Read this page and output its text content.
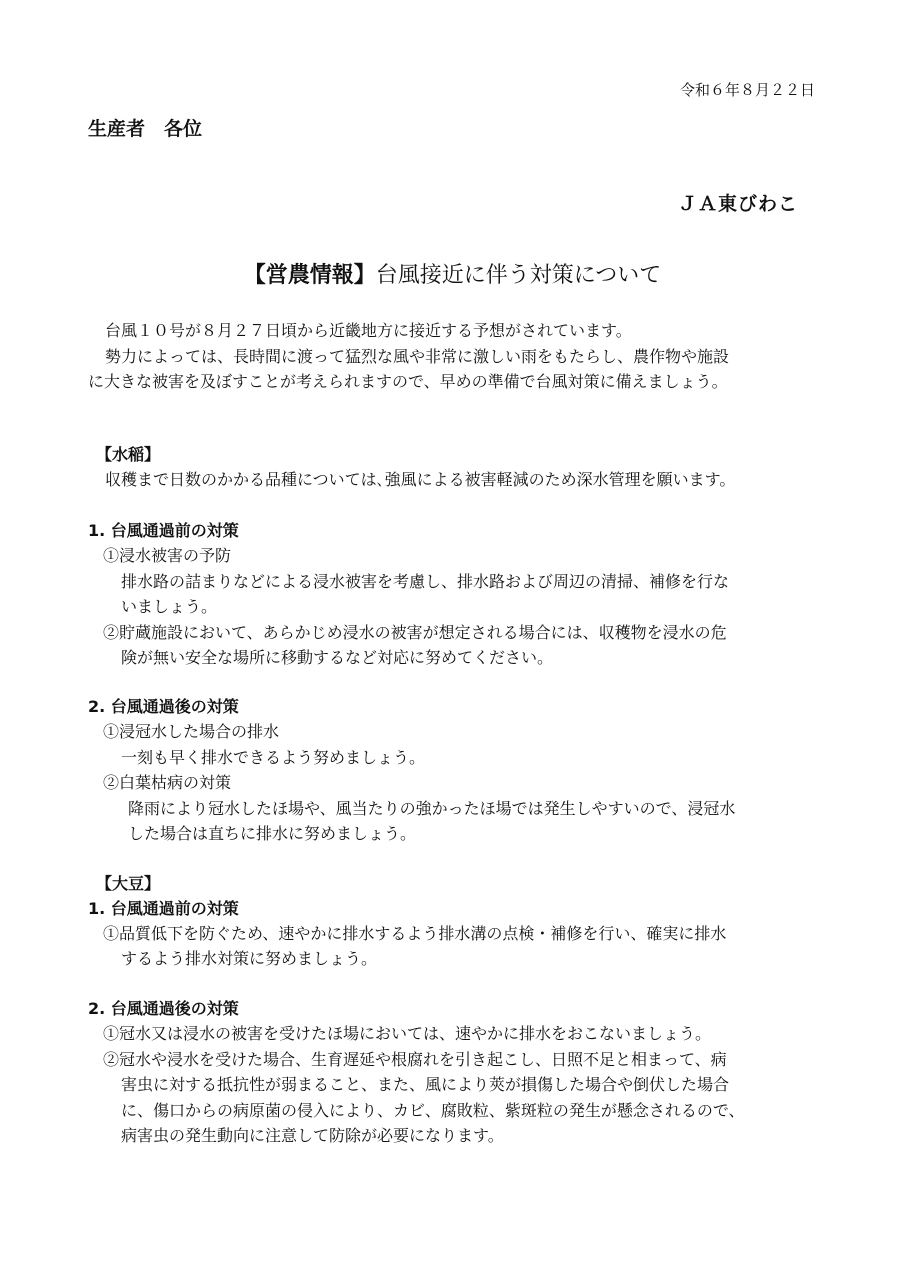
令和６年８月２２日
生産者　各位
ＪＡ東びわこ
【営農情報】台風接近に伴う対策について
台風１０号が８月２７日頃から近畿地方に接近する予想がされています。
勢力によっては、長時間に渡って猛烈な風や非常に激しい雨をもたらし、農作物や施設
に大きな被害を及ぼすことが考えられますので、早めの準備で台風対策に備えましょう。
【水稲】
収穫まで日数のかかる品種については､強風による被害軽減のため深水管理を願います。
1. 台風通過前の対策
①浸水被害の予防
排水路の詰まりなどによる浸水被害を考慮し、排水路および周辺の清掃、補修を行な
いましょう。
②貯蔵施設において、あらかじめ浸水の被害が想定される場合には、収穫物を浸水の危
険が無い安全な場所に移動するなど対応に努めてください。
2. 台風通過後の対策
①浸冠水した場合の排水
一刻も早く排水できるよう努めましょう。
②白葉枯病の対策
降雨により冠水したほ場や、風当たりの強かったほ場では発生しやすいので、浸冠水
した場合は直ちに排水に努めましょう。
【大豆】
1. 台風通過前の対策
①品質低下を防ぐため、速やかに排水するよう排水溝の点検・補修を行い、確実に排水
するよう排水対策に努めましょう。
2. 台風通過後の対策
①冠水又は浸水の被害を受けたほ場においては、速やかに排水をおこないましょう。
②冠水や浸水を受けた場合、生育遅延や根腐れを引き起こし、日照不足と相まって、病
害虫に対する抵抗性が弱まること、また、風により莢が損傷した場合や倒伏した場合
に、傷口からの病原菌の侵入により、カビ、腐敗粒、紫斑粒の発生が懸念されるので、
病害虫の発生動向に注意して防除が必要になります。
